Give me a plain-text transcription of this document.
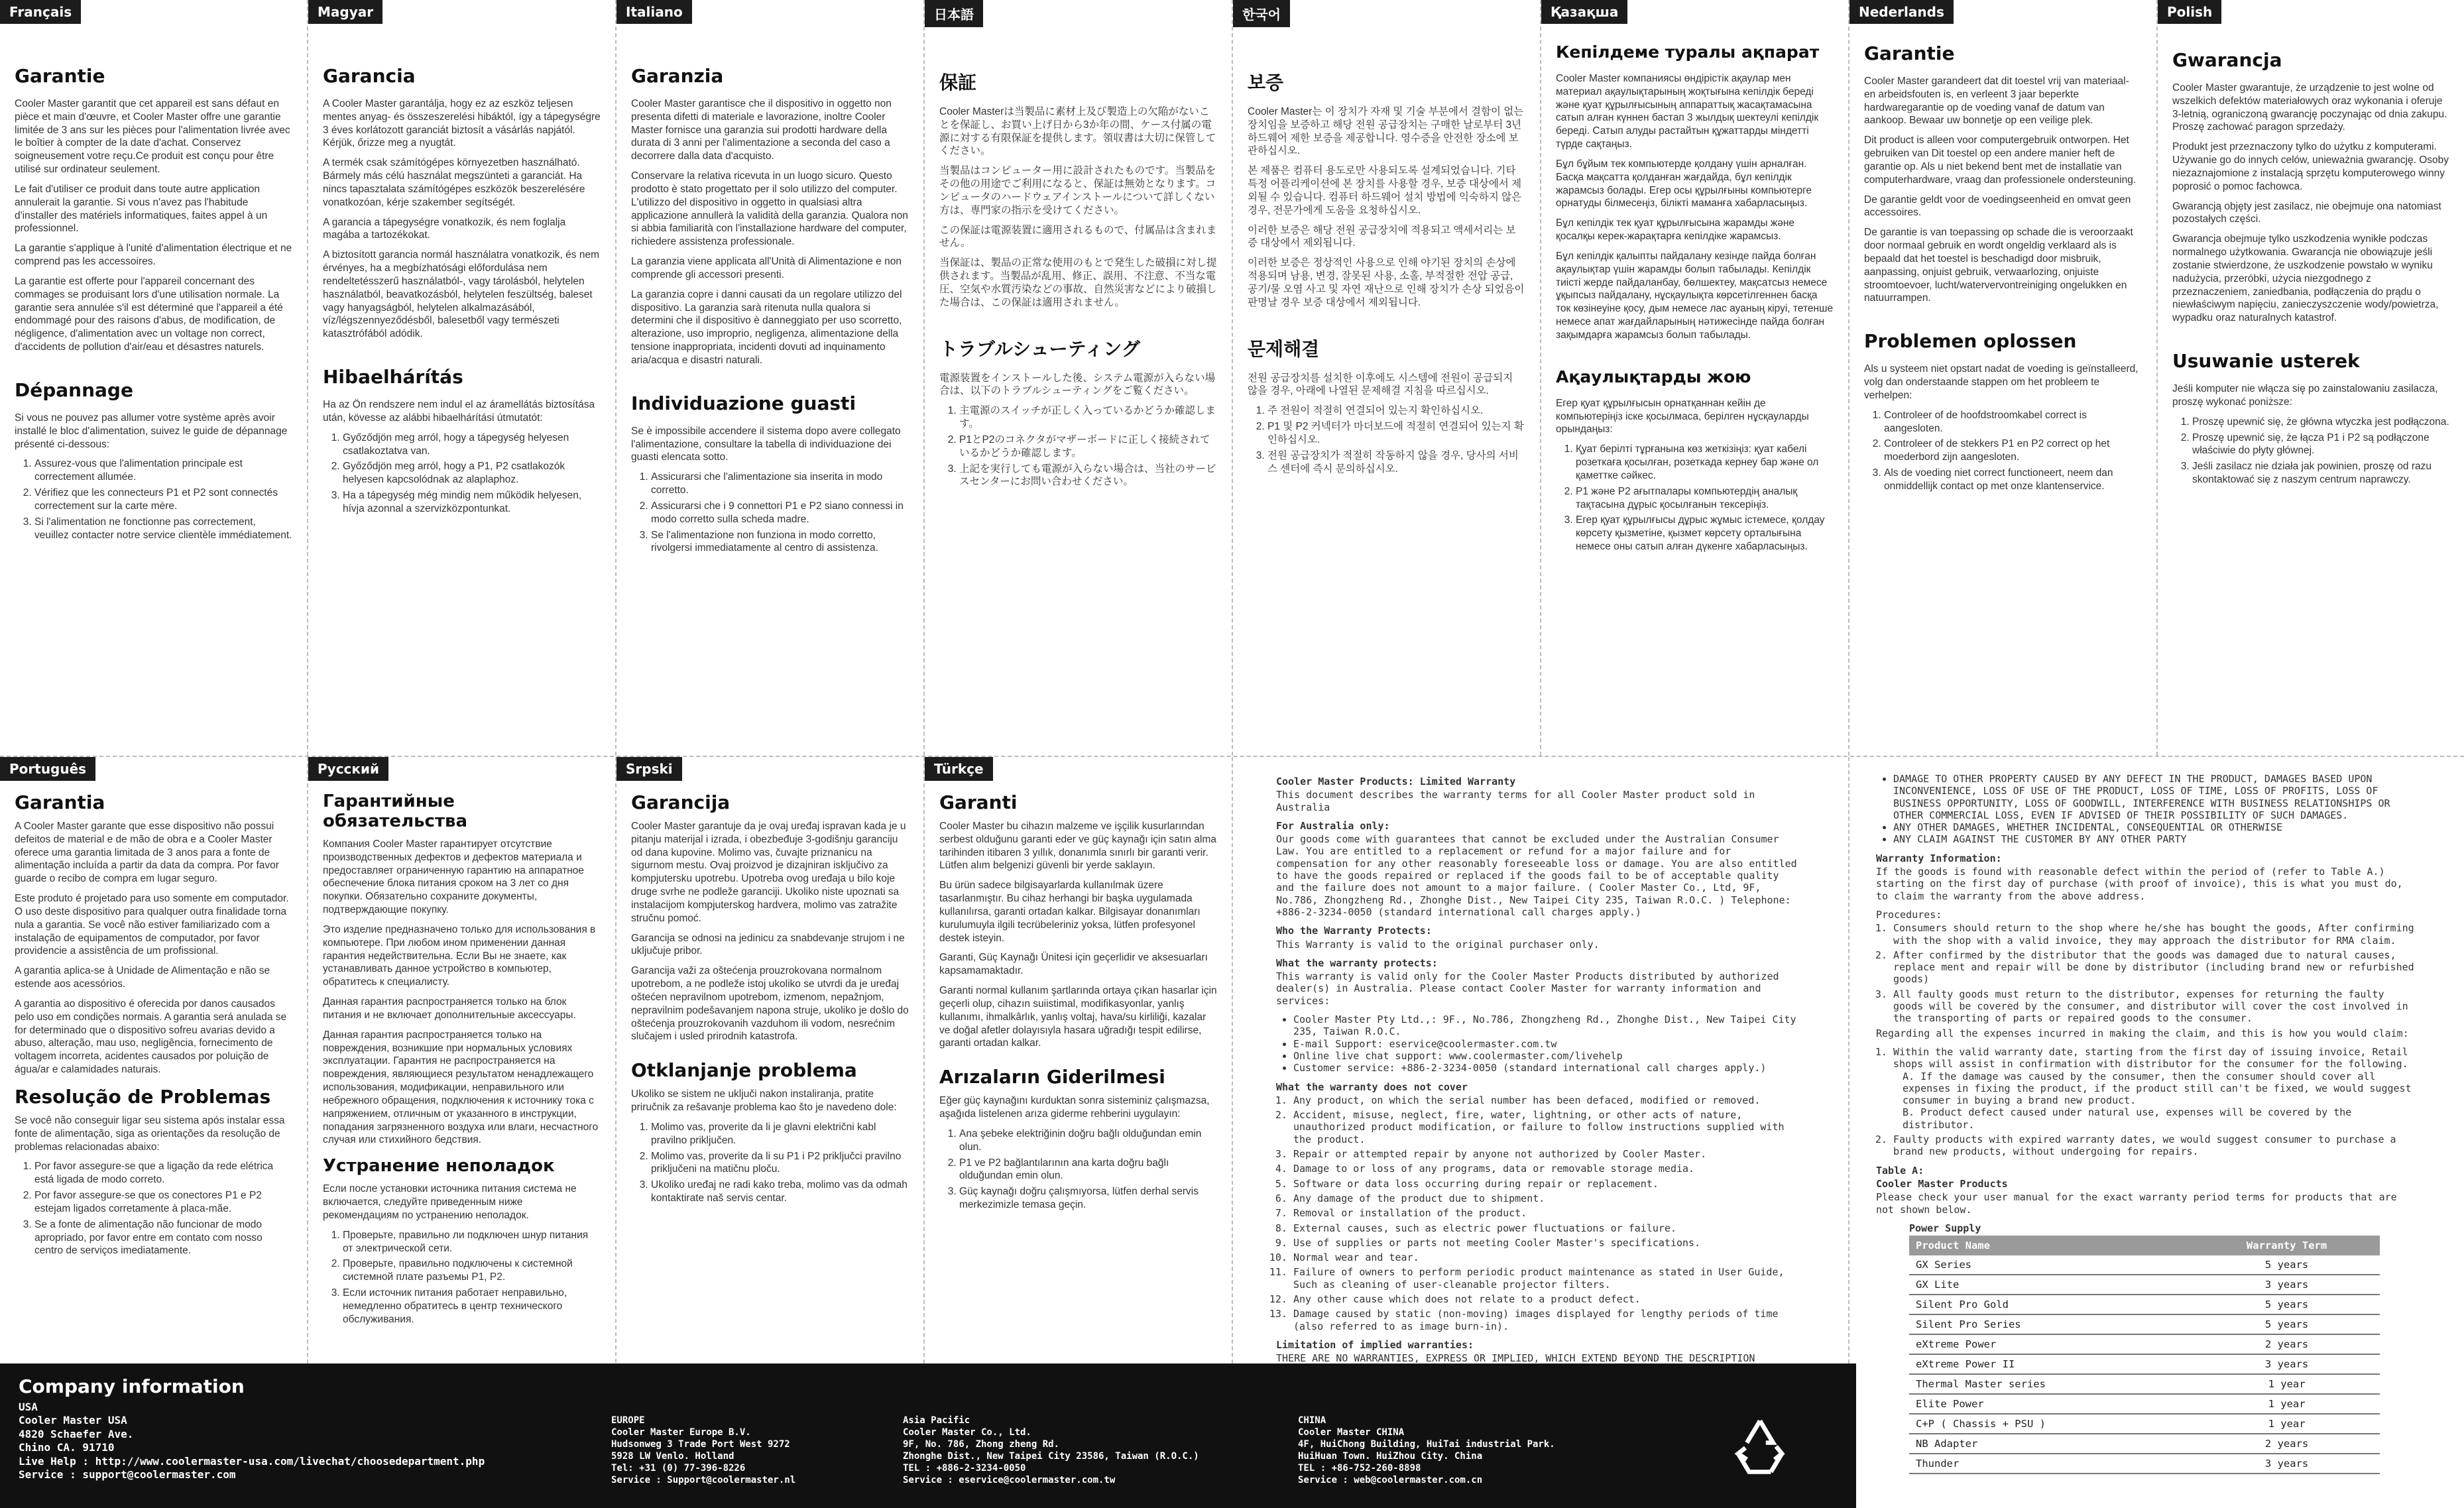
Français
Garantie

Cooler Master garantit que cet appareil est sans défaut en pièce et main d'œuvre, et Cooler Master offre une garantie limitée de 3 ans sur les pièces pour l'alimentation livrée avec le boîtier à compter de la date d'achat. Conservez soigneusement votre reçu.Ce produit est conçu pour être utilisé sur ordinateur seulement.

Le fait d'utiliser ce produit dans toute autre application annulerait la garantie. Si vous n'avez pas l'habitude d'installer des matériels informatiques, faites appel à un professionnel.

La garantie s'applique à l'unité d'alimentation électrique et ne comprend pas les accessoires.

La garantie est offerte pour l'appareil concernant des commages se produisant lors d'une utilisation normale. La garantie sera annulée s'il est déterminé que l'appareil a été endommagé pour des raisons d'abus, de modification, de négligence, d'alimentation avec un voltage non correct, d'accidents de pollution d'air/eau et désastres naturels.

Dépannage

Si vous ne pouvez pas allumer votre système après avoir installé le bloc d'alimentation, suivez le guide de dépannage présenté ci-dessous:

1. Assurez-vous que l'alimentation principale est correctement allumée.
2. Vérifiez que les connecteurs P1 et P2 sont connectés correctement sur la carte mère.
3. Si l'alimentation ne fonctionne pas correctement, veuillez contacter notre service clientèle immédiatement.
Magyar
Garancia

A Cooler Master garantálja, hogy ez az eszköz teljesen mentes anyag- és összeszerelési hibáktól, így a tápegységre 3 éves korlátozott garanciát biztosít a vásárlás napjától. Kérjük, őrizze meg a nyugtát.

A termék csak számítógépes környezetben használható. Bármely más célú használat megszünteti a garanciát. Ha nincs tapasztalata számítógépes eszközök beszerelésére vonatkozóan, kérje szakember segítségét.

A garancia a tápegységre vonatkozik, és nem foglalja magába a tartozékokat.

A biztosított garancia normál használatra vonatkozik, és nem érvényes, ha a megbízhatósági előfordulása nem rendeltetésszerű használatból-, vagy tárolásból, helytelen használatból, beavatkozásból, helytelen feszültség, baleset vagy hanyagságból, helytelen alkalmazásából, víz/légszennyeződésből, balesetből vagy természeti katasztrófából adódik.

Hibaelhárítás

Ha az Ön rendszere nem indul el az áramellátás biztosítása után, kövesse az alábbi hibaelhárítási útmutatót:

1. Győződjön meg arról, hogy a tápegység helyesen csatlakoztatva van.
2. Győződjön meg arról, hogy a P1, P2 csatlakozók helyesen kapcsolódnak az alaplaphoz.
3. Ha a tápegység még mindig nem működik helyesen, hívja azonnal a szervizközpontunkat.
Italiano
Garanzia

Cooler Master garantisce che il dispositivo in oggetto non presenta difetti di materiale e lavorazione, inoltre Cooler Master fornisce una garanzia sui prodotti hardware della durata di 3 anni per l'alimentazione a seconda del caso a decorrere dalla data d'acquisto.

Conservare la relativa ricevuta in un luogo sicuro. Questo prodotto è stato progettato per il solo utilizzo del computer. L'utilizzo del dispositivo in oggetto in qualsiasi altra applicazione annullerà la validità della garanzia. Qualora non si abbia familiarità con l'installazione hardware del computer, richiedere assistenza professionale.

La garanzia viene applicata all'Unità di Alimentazione e non comprende gli accessori presenti.

La garanzia copre i danni causati da un regolare utilizzo del dispositivo. La garanzia sarà ritenuta nulla qualora si determini che il dispositivo è danneggiato per uso scorretto, alterazione, uso improprio, negligenza, alimentazione della tensione inappropriata, incidenti dovuti ad inquinamento aria/acqua e disastri naturali.

Individuazione guasti

Se è impossibile accendere il sistema dopo avere collegato l'alimentazione, consultare la tabella di individuazione dei guasti elencata sotto.

1. Assicurarsi che l'alimentazione sia inserita in modo corretto.
2. Assicurarsi che i 9 connettori P1 e P2 siano connessi in modo corretto sulla scheda madre.
3. Se l'alimentazione non funziona in modo corretto, rivolgersi immediatamente al centro di assistenza.
日本語
保証

Cooler Masterは当製品に素材上及び製造上の欠陥がないことを保証し、お買い上げ日から3か年の間、ケース付属の電源に対する有限保証を提供します。領収書は大切に保管してください。

当製品はコンピューター用に設計されたものです。当製品をその他の用途でご利用になると、保証は無効となります。コンピュータのハードウェアインストールについて詳しくない方は、専門家の指示を受けてください。

この保証は電源装置に適用されるもので、付属品は含まれません。

当保証は、製品の正常な使用のもとで発生した破損に対し提供されます。当製品が乱用、修正、誤用、不注意、不当な電圧、空気や水質汚染などの事故、自然災害などにより破損した場合は、この保証は適用されません。

トラブルシューティング

電源装置をインストールした後、システム電源が入らない場合は、以下のトラブルシューティングをご覧ください。

1. 主電源のスイッチが正しく入っているかどうか確認します。
2. P1とP2のコネクタがマザーボードに正しく接続されているかどうか確認します。
3. 上記を実行しても電源が入らない場合は、当社のサービスセンターにお問い合わせください。
한국어
보증

Cooler Master는 이 장치가 자재 및 기술 부분에서 결함이 없는 장치임을 보증하고 해당 전원 공급장치는 구매한 날로부터 3년 하드웨어 제한 보증을 제공합니다. 영수증을 안전한 장소에 보관하십시오.

본 제품은 컴퓨터 용도로만 사용되도록 설계되었습니다. 기타 특정 어플리케이션에 본 장치를 사용할 경우, 보증 대상에서 제외될 수 있습니다. 컴퓨터 하드웨어 설치 방법에 익숙하지 않은 경우, 전문가에게 도움을 요청하십시오.

이러한 보증은 해당 전원 공급장치에 적용되고 액세서리는 보증 대상에서 제외됩니다.

이러한 보증은 정상적인 사용으로 인해 야기된 장치의 손상에 적용되며 남용, 변경, 잘못된 사용, 소홀, 부적절한 전압 공급, 공기/물 오염 사고 및 자연 재난으로 인해 장치가 손상 되었음이 판명날 경우 보증 대상에서 제외됩니다.

문제해결

전원 공급장치를 설치한 이후에도 시스템에 전원이 공급되지 않을 경우, 아래에 나열된 문제해결 지침을 따르십시오.

1. 주 전원이 적절히 연결되어 있는지 확인하십시오.
2. P1 및 P2 커넥터가 마더보드에 적절히 연결되어 있는지 확인하십시오.
3. 전원 공급장치가 적절히 작동하지 않을 경우, 당사의 서비스 센터에 즉시 문의하십시오.
Қазақша
Кепілдеме туралы ақпарат

Cooler Master компаниясы өндірістік ақаулар мен материал ақаулықтарының жоқтығына кепілдік береді және қуат құрылғысының аппараттық жасақтамасына сатып алған күннен бастап 3 жылдық шектеулі кепілдік береді. Сатып алуды растайтын құжаттарды міндетті түрде сақтаңыз.

Бұл бұйым тек компьютерде қолдану үшін арналған. Басқа мақсатта қолданған жағдайда, бұл кепілдік жарамсыз болады. Егер осы құрылғыны компьютерге орнатуды білмесеңіз, білікті маманға хабарласыңыз.

Бұл кепілдік тек қуат құрылғысына жарамды және қосалқы керек-жарақтарға кепілдіке жарамсыз.

Бұл кепілдік қалыпты пайдалану кезінде пайда болған ақаулықтар үшін жарамды болып табылады. Кепілдік тиісті жерде пайдаланбау, бөлшектеу, мақсатсыз немесе ұқыпсыз пайдалану, нұсқаулықта көрсетілгеннен басқа ток көзінеуіне қосу, дым немесе лас ауаның кіруі, тетенше немесе апат жағдайларының нәтижесінде пайда болған зақымдарға жарамсыз болып табылады.

Ақаулықтарды жою

Егер қуат құрылғысын орнатқаннан кейін де компьютеріңіз іске қосылмаса, берілген нұсқауларды орындаңыз:

1. Қуат берілті тұрғанына көз жеткізіңіз: қуат кабелі розеткаға қосылған, розеткада кернеу бар және ол қаметтке сәйкес.
2. P1 және P2 ағытпалары компьютердің аналық тақтасына дұрыс қосылғанын тексеріңіз.
3. Егер қуат құрылғысы дұрыс жұмыс істемесе, қолдау көрсету қызметіне, қызмет көрсету орталығына немесе оны сатып алған дүкенге хабарласыңыз.
Nederlands
Garantie

Cooler Master garandeert dat dit toestel vrij van materiaal- en arbeidsfouten is, en verleent 3 jaar beperkte hardwaregarantie op de voeding vanaf de datum van aankoop. Bewaar uw bonnetje op een veilige plek.

Dit product is alleen voor computergebruik ontworpen. Het gebruiken van Dit toestel op een andere manier heft de garantie op. Als u niet bekend bent met de installatie van computerhardware, vraag dan professionele ondersteuning.

De garantie geldt voor de voedingseenheid en omvat geen accessoires.

De garantie is van toepassing op schade die is veroorzaakt door normaal gebruik en wordt ongeldig verklaard als is bepaald dat het toestel is beschadigd door misbruik, aanpassing, onjuist gebruik, verwaarlozing, onjuiste stroomtoevoer, lucht/watervervontreiniging ongelukken en natuurrampen.

Problemen oplossen

Als u systeem niet opstart nadat de voeding is geïnstalleerd, volg dan onderstaande stappen om het probleem te verhelpen:

1. Controleer of de hoofdstroomkabel correct is aangesloten.
2. Controleer of de stekkers P1 en P2 correct op het moederbord zijn aangesloten.
3. Als de voeding niet correct functioneert, neem dan onmiddellijk contact op met onze klantenservice.
Polish
Gwarancja

Cooler Master gwarantuje, że urządzenie to jest wolne od wszelkich defektów materiałowych oraz wykonania i oferuje 3-letnią, ograniczoną gwarancję poczynając od dnia zakupu. Proszę zachować paragon sprzedaży.

Produkt jest przeznaczony tylko do użytku z komputerami. Używanie go do innych celów, unieważnia gwarancję. Osoby niezaznajomione z instalacją sprzętu komputerowego winny poprosić o pomoc fachowca.

Gwarancją objęty jest zasilacz, nie obejmuje ona natomiast pozostałych części.

Gwarancja obejmuje tylko uszkodzenia wynikłe podczas normalnego użytkowania. Gwarancja nie obowiązuje jeśli zostanie stwierdzone, że uszkodzenie powstało w wyniku nadużycia, przeróbki, użycia niezgodnego z przeznaczeniem, zaniedbania, podłączenia do prądu o niewłaściwym napięciu, zanieczyszczenie wody/powietrza, wypadku oraz naturalnych katastrof.

Usuwanie usterek

Jeśli komputer nie włącza się po zainstalowaniu zasilacza, proszę wykonać poniższe:

1. Proszę upewnić się, że główna wtyczka jest podłączona.
2. Proszę upewnić się, że łącza P1 i P2 są podłączone właściwie do płyty głównej.
3. Jeśli zasilacz nie działa jak powinien, proszę od razu skontaktować się z naszym centrum naprawczy.
Português
Garantia

A Cooler Master garante que esse dispositivo não possui defeitos de material e de mão de obra e a Cooler Master oferece uma garantia limitada de 3 anos para a fonte de alimentação incluída a partir da data da compra. Por favor guarde o recibo de compra em lugar seguro.

Este produto é projetado para uso somente em computador. O uso deste dispositivo para qualquer outra finalidade torna nula a garantia. Se você não estiver familiarizado com a instalação de equipamentos de computador, por favor providencie a assistência de um profissional.

A garantia aplica-se à Unidade de Alimentação e não se estende aos acessórios.

A garantia ao dispositivo é oferecida por danos causados pelo uso em condições normais. A garantia será anulada se for determinado que o dispositivo sofreu avarias devido a abuso, alteração, mau uso, negligência, fornecimento de voltagem incorreta, acidentes causados por poluição de água/ar e calamidades naturais.

Resolução de Problemas

Se você não conseguir ligar seu sistema após instalar essa fonte de alimentação, siga as orientações da resolução de problemas relacionadas abaixo:

1. Por favor assegure-se que a ligação da rede elétrica está ligada de modo correto.
2. Por favor assegure-se que os conectores P1 e P2 estejam ligados corretamente à placa-mãe.
3. Se a fonte de alimentação não funcionar de modo apropriado, por favor entre em contato com nosso centro de serviços imediatamente.
Русский
Гарантийные обязательства

Компания Cooler Master гарантирует отсутствие производственных дефектов и дефектов материала и предоставляет ограниченную гарантию на аппаратное обеспечение блока питания сроком на 3 лет со дня покупки. Обязательно сохраните документы, подтверждающие покупку.

Это изделие предназначено только для использования в компьютере. При любом ином применении данная гарантия недействительна. Если Вы не знаете, как устанавливать данное устройство в компьютер, обратитесь к специалисту.

Данная гарантия распространяется только на блок питания и не включает дополнительные аксессуары.

Данная гарантия распространяется только на повреждения, возникшие при нормальных условиях эксплуатации. Гарантия не распространяется на повреждения, являющиеся результатом ненадлежащего использования, модификации, неправильного или небрежного обращения, подключения к источнику тока с напряжением, отличным от указанного в инструкции, попадания загрязненного воздуха или влаги, несчастного случая или стихийного бедствия.

Устранение неполадок

Если после установки источника питания система не включается, следуйте приведенным ниже рекомендациям по устранению неполадок.

1. Проверьте, правильно ли подключен шнур питания от электрической сети.
2. Проверьте, правильно подключены к системной системной плате разъемы P1, P2.
3. Если источник питания работает неправильно, немедленно обратитесь в центр технического обслуживания.
Srpski
Garancija

Cooler Master garantuje da je ovaj uređaj ispravan kada je u pitanju materijal i izrada, i obezbeđuje 3-godišnju garanciju od dana kupovine. Molimo vas, čuvajte priznanicu na sigurnom mestu. Ovaj proizvod je dizajniran isključivo za kompjutersku upotrebu. Upotreba ovog uređaja u bilo koje druge svrhe ne podleže garanciji. Ukoliko niste upoznati sa instalacijom kompjuterskog hardvera, molimo vas zatražite stručnu pomoć.

Garancija se odnosi na jedinicu za snabdevanje strujom i ne uključuje pribor.

Garancija važi za oštećenja prouzrokovana normalnom upotrebom, a ne podleže istoj ukoliko se utvrdi da je uređaj oštećen nepravilnom upotrebom, izmenom, nepažnjom, nepravilnim podešavanjem napona struje, ukoliko je došlo do oštećenja prouzrokovanih vazduhom ili vodom, nesrećnim slučajem i usled prirodnih katastrofa.

Otklanjanje problema

Ukoliko se sistem ne uključi nakon instaliranja, pratite priručnik za rešavanje problema kao što je navedeno dole:

1. Molimo vas, proverite da li je glavni električni kabl pravilno priključen.
2. Molimo vas, proverite da li su P1 i P2 priključci pravilno priključeni na matičnu ploču.
3. Ukoliko uređaj ne radi kako treba, molimo vas da odmah kontaktirate naš servis centar.
Türkçe
Garanti

Cooler Master bu cihazın malzeme ve işçilik kusurlarından serbest olduğunu garanti eder ve güç kaynağı için satın alma tarihinden itibaren 3 yıllık, donanımla sınırlı bir garanti verir. Lütfen alım belgenizi güvenli bir yerde saklayın.

Bu ürün sadece bilgisayarlarda kullanılmak üzere tasarlanmıştır. Bu cihaz herhangi bir başka uygulamada kullanılırsa, garanti ortadan kalkar. Bilgisayar donanımları kurulumuyla ilgili tecrübeleriniz yoksa, lütfen profesyonel destek isteyin.

Garanti, Güç Kaynağı Ünitesi için geçerlidir ve aksesuarları kapsamamaktadır.

Garanti normal kullanım şartlarında ortaya çıkan hasarlar için geçerli olup, cihazın suiistimal, modifikasyonlar, yanlış kullanımı, ihmalkârlık, yanlış voltaj, hava/su kirliliği, kazalar ve doğal afetler dolayısıyla hasara uğradığı tespit edilirse, garanti ortadan kalkar.

Arızaların Giderilmesi

Eğer güç kaynağını kurduktan sonra sisteminiz çalışmazsa, aşağıda listelenen arıza giderme rehberini uygulayın:

1. Ana şebeke elektriğinin doğru bağlı olduğundan emin olun.
2. P1 ve P2 bağlantılarının ana karta doğru bağlı olduğundan emin olun.
3. Güç kaynağı doğru çalışmıyorsa, lütfen derhal servis merkezimizle temasa geçin.
Cooler Master Products: Limited Warranty

This document describes the warranty terms for all Cooler Master product sold in Australia

For Australia only:

Our goods come with guarantees that cannot be excluded under the Australian Consumer Law. You are entitled to a replacement or refund for a major failure and for compensation for any other reasonably foreseeable loss or damage. You are also entitled to have the goods repaired or replaced if the goods fail to be of acceptable quality and the failure does not amount to a major failure. ( Cooler Master Co., Ltd, 9F, No.786, Zhongzheng Rd., Zhonghe Dist., New Taipei City 235, Taiwan R.O.C. ) Telephone: +886-2-3234-0050 (standard international call charges apply.)

Who the Warranty Protects:

This Warranty is valid to the original purchaser only.

What the warranty protects:

This warranty is valid only for the Cooler Master Products distributed by authorized dealer(s) in Australia. Please contact Cooler Master for warranty information and services:

• Cooler Master Pty Ltd.,: 9F., No.786, Zhongzheng Rd., Zhonghe Dist., New Taipei City 235, Taiwan R.O.C.
• E-mail Support: eservice@coolermaster.com.tw
• Online live chat support: www.coolermaster.com/livehelp
• Customer service: +886-2-3234-0050 (standard international call charges apply.)
What the warranty does not cover
1. Any product, on which the serial number has been defaced, modified or removed.
2. Accident, misuse, neglect, fire, water, lightning, or other acts of nature, unauthorized product modification, or failure to follow instructions supplied with the product.
3. Repair or attempted repair by anyone not authorized by Cooler Master.
4. Damage to or loss of any programs, data or removable storage media.
5. Software or data loss occurring during repair or replacement.
6. Any damage of the product due to shipment.
7. Removal or installation of the product.
8. External causes, such as electric power fluctuations or failure.
9. Use of supplies or parts not meeting Cooler Master's specifications.
10. Normal wear and tear.
11. Failure of owners to perform periodic product maintenance as stated in User Guide, Such as cleaning of user-cleanable projector filters.
12. Any other cause which does not relate to a product defect.
13. Damage caused by static (non-moving) images displayed for lengthy periods of time (also referred to as image burn-in).
Limitation of implied warranties:

THERE ARE NO WARRANTIES, EXPRESS OR IMPLIED, WHICH EXTEND BEYOND THE DESCRIPTION

• DAMAGE TO OTHER PROPERTY CAUSED BY ANY DEFECT IN THE PRODUCT, DAMAGES BASED UPON INCONVENIENCE, LOSS OF USE OF THE PRODUCT, LOSS OF TIME, LOSS OF PROFITS, LOSS OF BUSINESS OPPORTUNITY, LOSS OF GOODWILL, INTERFERENCE WITH BUSINESS RELATIONSHIPS OR OTHER COMMERCIAL LOSS, EVEN IF ADVISED OF THEIR POSSIBILITY OF SUCH DAMAGES.
• ANY OTHER DAMAGES, WHETHER INCIDENTAL, CONSEQUENTIAL OR OTHERWISE
• ANY CLAIM AGAINST THE CUSTOMER BY ANY OTHER PARTY
Warranty Information:

If the goods is found with reasonable defect within the period of (refer to Table A.) starting on the first day of purchase (with proof of invoice), this is what you must do, to claim the warranty from the above address.

Procedures:
1. Consumers should return to the shop where he/she has bought the goods, After confirming with the shop with a valid invoice, they may approach the distributor for RMA claim.
2. After confirmed by the distributor that the goods was damaged due to natural causes, replace ment and repair will be done by distributor (including brand new or refurbished goods)
3. All faulty goods must return to the distributor, expenses for returning the faulty goods will be covered by the consumer, and distributor will cover the cost involved in the transporting of parts or repaired goods to the consumer.

Regarding all the expenses incurred in making the claim, and this is how you would claim:

1. Within the valid warranty date, starting from the first day of issuing invoice, Retail shops will assist in confirmation with distributor for the consumer for the following.
A. If the damage was caused by the consumer, then the consumer should cover all expenses in fixing the product, if the product still can't be fixed, we would suggest consumer in buying a brand new product.
B. Product defect caused under natural use, expenses will be covered by the distributor.
2. Faulty products with expired warranty dates, we would suggest consumer to purchase a brand new products, without undergoing for repairs.
Table A:
Cooler Master Products

Please check your user manual for the exact warranty period terms for products that are not shown below.

Power Supply
Product Name	Warranty Term
GX Series	5 years
GX Lite	3 years
Silent Pro Gold	5 years
Silent Pro Series	5 years
eXtreme Power	2 years
eXtreme Power II	3 years
Thermal Master series	1 year
Elite Power	1 year
C+P ( Chassis + PSU )	1 year
NB Adapter	2 years
Thunder	3 years
Company information
USA
Cooler Master USA
4820 Schaefer Ave.
Chino CA. 91710
Live Help : http://www.coolermaster-usa.com/livechat/choosedepartment.php
Service : support@coolermaster.com
EUROPE
Cooler Master Europe B.V.
Hudsonweg 3 Trade Port West 9272
5928 LW Venlo. Holland
Tel: +31 (0) 77-396-8226
Service : Support@coolermaster.nl
Asia Pacific
Cooler Master Co., Ltd.
9F, No. 786, Zhong zheng Rd.
Zhonghe Dist., New Taipei City 23586, Taiwan (R.O.C.)
TEL : +886-2-3234-0050
Service : eservice@coolermaster.com.tw
CHINA
Cooler Master CHINA
4F, HuiChong Building, HuiTai industrial Park.
HuiHuan Town. HuiZhou City. China
TEL : +86-752-260-8898
Service : web@coolermaster.com.cn
